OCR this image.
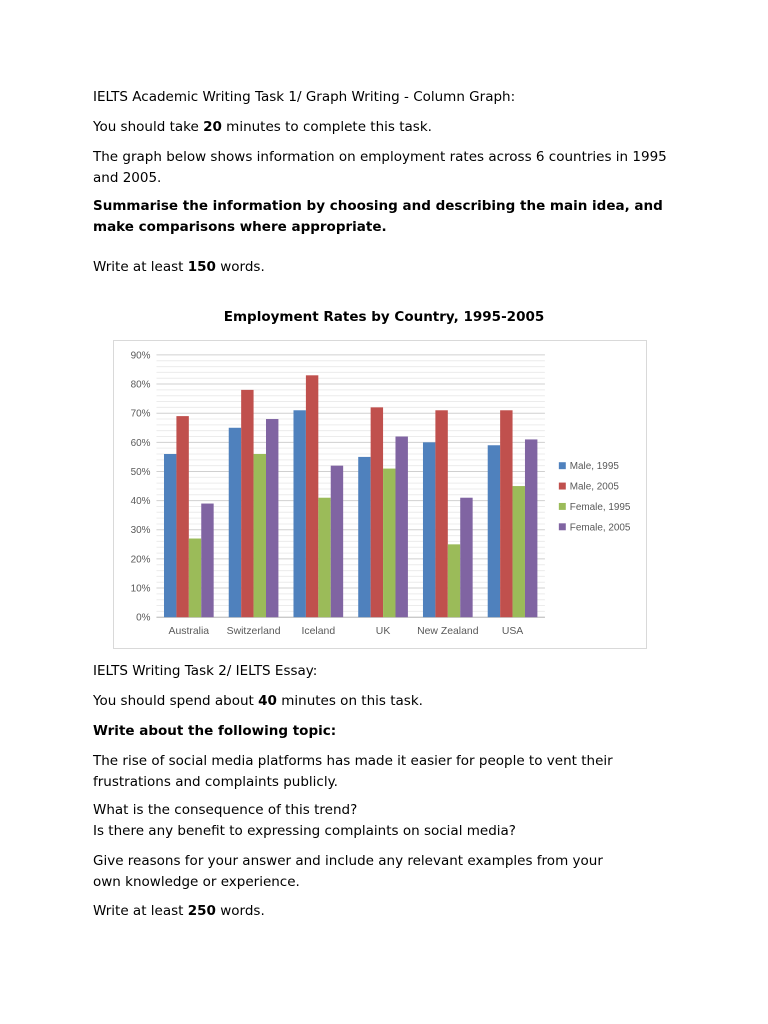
IELTS Academic Writing Task 1/ Graph Writing - Column Graph:

You should take 20 minutes to complete this task.

The graph below shows information on employment rates across 6 countries in 1995 and 2005.

Summarise the information by choosing and describing the main idea, and make comparisons where appropriate.

Write at least 150 words.

Employment Rates by Country, 1995-2005
0%
10%
20%
30%
40%
50%
60%
70%
80%
90%
Australia Switzerland Iceland	UK	New Zealand USA
Male, 1995
Male, 2005
Female, 1995
Female, 2005

IELTS Writing Task 2/ IELTS Essay:

You should spend about 40 minutes on this task.

Write about the following topic:

The rise of social media platforms has made it easier for people to vent their frustrations and complaints publicly.

What is the consequence of this trend?

Is there any benefit to expressing complaints on social media?

Give reasons for your answer and include any relevant examples from your own knowledge or experience.

Write at least 250 words.
